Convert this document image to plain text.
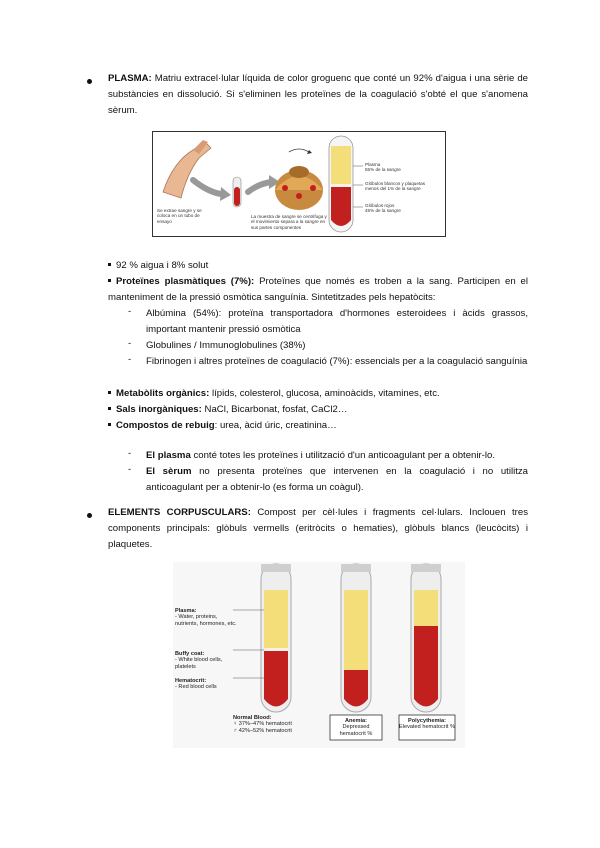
PLASMA: Matriu extracel·lular líquida de color groguenc que conté un 92% d'aigua i una sèrie de substàncies en dissolució. Si s'eliminen les proteïnes de la coagulació s'obté el que s'anomena sèrum.
Se extrae sangre y se coloca en un tubo de ensayo
La muestra de sangre se centrifuga y el movimiento separa a la sangre en sus partes componentes
Plasma
55% de la sangre
Glóbulos blancos y plaquetas
menos del 1% de la sangre
Glóbulos rojos
45% de la sangre
92 % aigua i 8% solut
Proteïnes plasmàtiques (7%): Proteïnes que només es troben a la sang. Participen en el manteniment de la pressió osmòtica sanguínia. Sintetitzades pels hepatòcits:
- Albúmina (54%): proteïna transportadora d'hormones esteroidees i àcids grassos, important mantenir pressió osmòtica
- Globulines / Immunoglobulines (38%)
- Fibrinogen i altres proteïnes de coagulació (7%): essencials per a la coagulació sanguínia
Metabòlits orgànics: lípids, colesterol, glucosa, aminoàcids, vitamines, etc.
Sals inorgàniques: NaCl, Bicarbonat, fosfat, CaCl2…
Compostos de rebuig: urea, àcid úric, creatinina…
- El plasma conté totes les proteïnes i utilització d'un anticoagulant per a obtenir-lo.
- El sèrum no presenta proteïnes que intervenen en la coagulació i no utilitza anticoagulant per a obtenir-lo (es forma un coàgul).
ELEMENTS CORPUSCULARS: Compost per cèl·lules i fragments cel·lulars. Inclouen tres components principals: glòbuls vermells (eritròcits o hematies), glòbuls blancs (leucòcits) i plaquetes.
Plasma:
- Water, proteins, nutrients, hormones, etc.
Buffy coat:
- White blood cells, platelets
Hematocrit:
- Red blood cells
Normal Blood:
♀ 37%–47% hematocrit
♂ 42%–52% hematocrit
Anemia:
Depressed hematocrit %
Polycythemia:
Elevated hematocrit %
